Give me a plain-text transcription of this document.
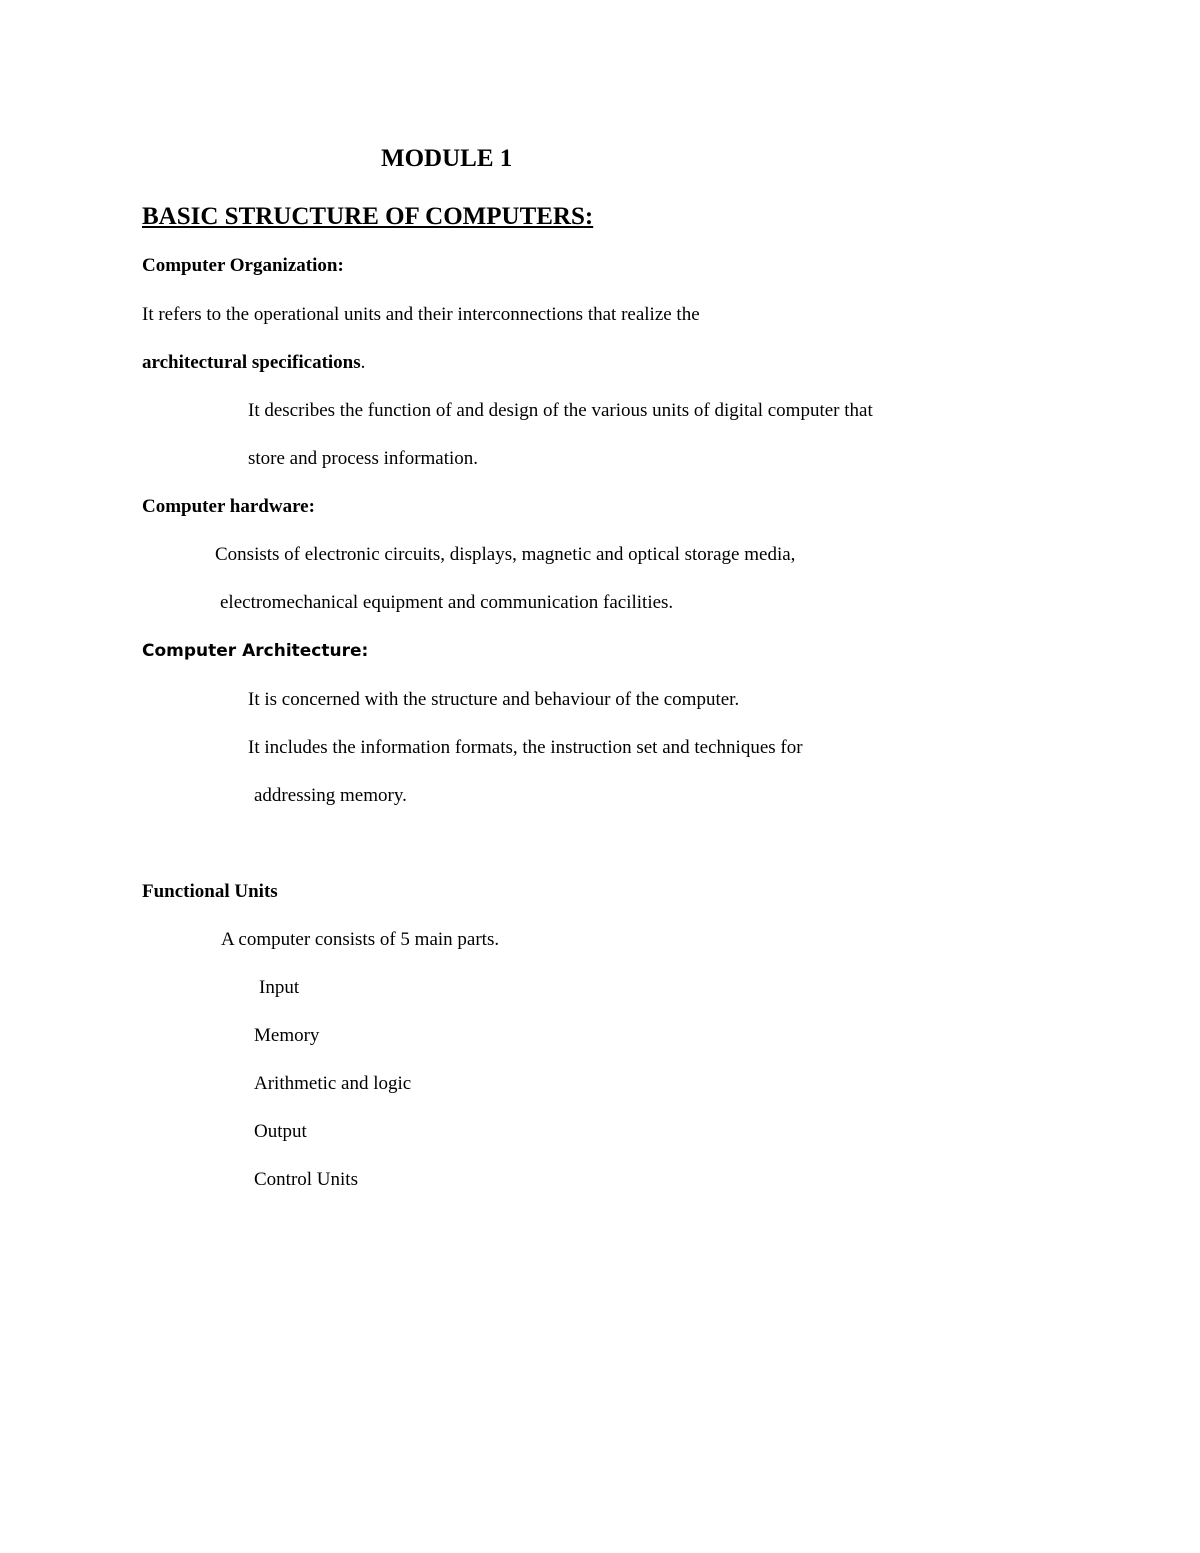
MODULE 1
BASIC STRUCTURE OF COMPUTERS:
Computer Organization:
It refers to the operational units and their interconnections that realize the
architectural specifications.
It describes the function of and design of the various units of digital computer that
store and process information.
Computer hardware:
Consists of electronic circuits, displays, magnetic and optical storage media,
electromechanical equipment and communication facilities.
Computer Architecture:
It is concerned with the structure and behaviour of the computer.
It includes the information formats, the instruction set and techniques for
addressing memory.
Functional Units
A computer consists of 5 main parts.
Input
Memory
Arithmetic and logic
Output
Control Units
